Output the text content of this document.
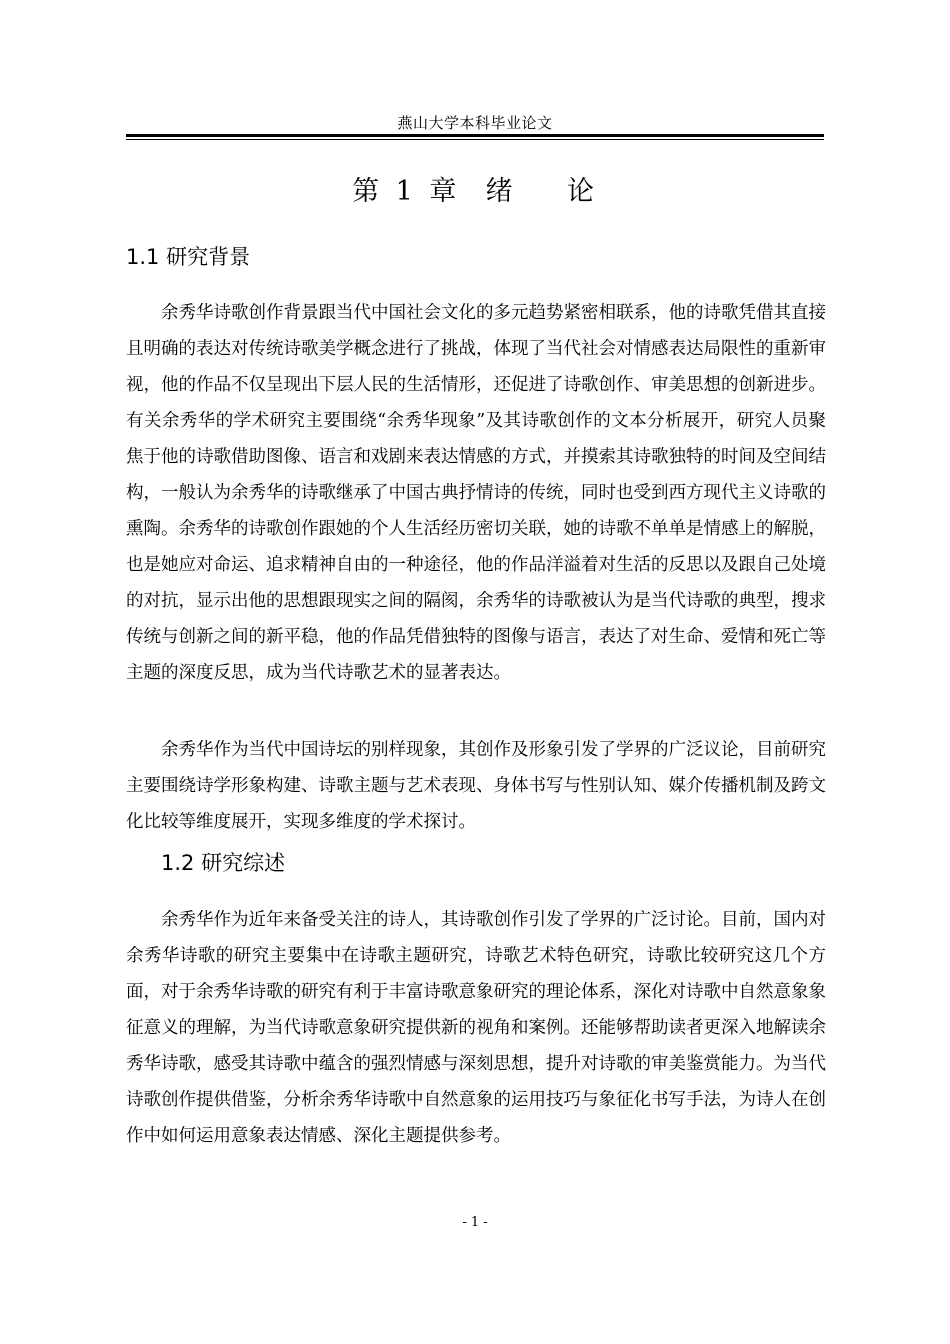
燕山大学本科毕业论文
第 1 章  绪    论
1.1 研究背景

余秀华诗歌创作背景跟当代中国社会文化的多元趋势紧密相联系，他的诗歌凭借其直接且明确的表达对传统诗歌美学概念进行了挑战，体现了当代社会对情感表达局限性的重新审视，他的作品不仅呈现出下层人民的生活情形，还促进了诗歌创作、审美思想的创新进步。有关余秀华的学术研究主要围绕“余秀华现象”及其诗歌创作的文本分析展开，研究人员聚焦于他的诗歌借助图像、语言和戏剧来表达情感的方式，并摸索其诗歌独特的时间及空间结构，一般认为余秀华的诗歌继承了中国古典抒情诗的传统，同时也受到西方现代主义诗歌的熏陶。余秀华的诗歌创作跟她的个人生活经历密切关联，她的诗歌不单单是情感上的解脱，也是她应对命运、追求精神自由的一种途径，他的作品洋溢着对生活的反思以及跟自己处境的对抗，显示出他的思想跟现实之间的隔阂，余秀华的诗歌被认为是当代诗歌的典型，搜求传统与创新之间的新平稳，他的作品凭借独特的图像与语言，表达了对生命、爱情和死亡等主题的深度反思，成为当代诗歌艺术的显著表达。

余秀华作为当代中国诗坛的别样现象，其创作及形象引发了学界的广泛议论，目前研究主要围绕诗学形象构建、诗歌主题与艺术表现、身体书写与性别认知、媒介传播机制及跨文化比较等维度展开，实现多维度的学术探讨。

1.2 研究综述

余秀华作为近年来备受关注的诗人，其诗歌创作引发了学界的广泛讨论。目前，国内对余秀华诗歌的研究主要集中在诗歌主题研究，诗歌艺术特色研究，诗歌比较研究这几个方面，对于余秀华诗歌的研究有利于丰富诗歌意象研究的理论体系，深化对诗歌中自然意象象征意义的理解，为当代诗歌意象研究提供新的视角和案例。还能够帮助读者更深入地解读余秀华诗歌，感受其诗歌中蕴含的强烈情感与深刻思想，提升对诗歌的审美鉴赏能力。为当代诗歌创作提供借鉴，分析余秀华诗歌中自然意象的运用技巧与象征化书写手法，为诗人在创作中如何运用意象表达情感、深化主题提供参考。

- 1 -
